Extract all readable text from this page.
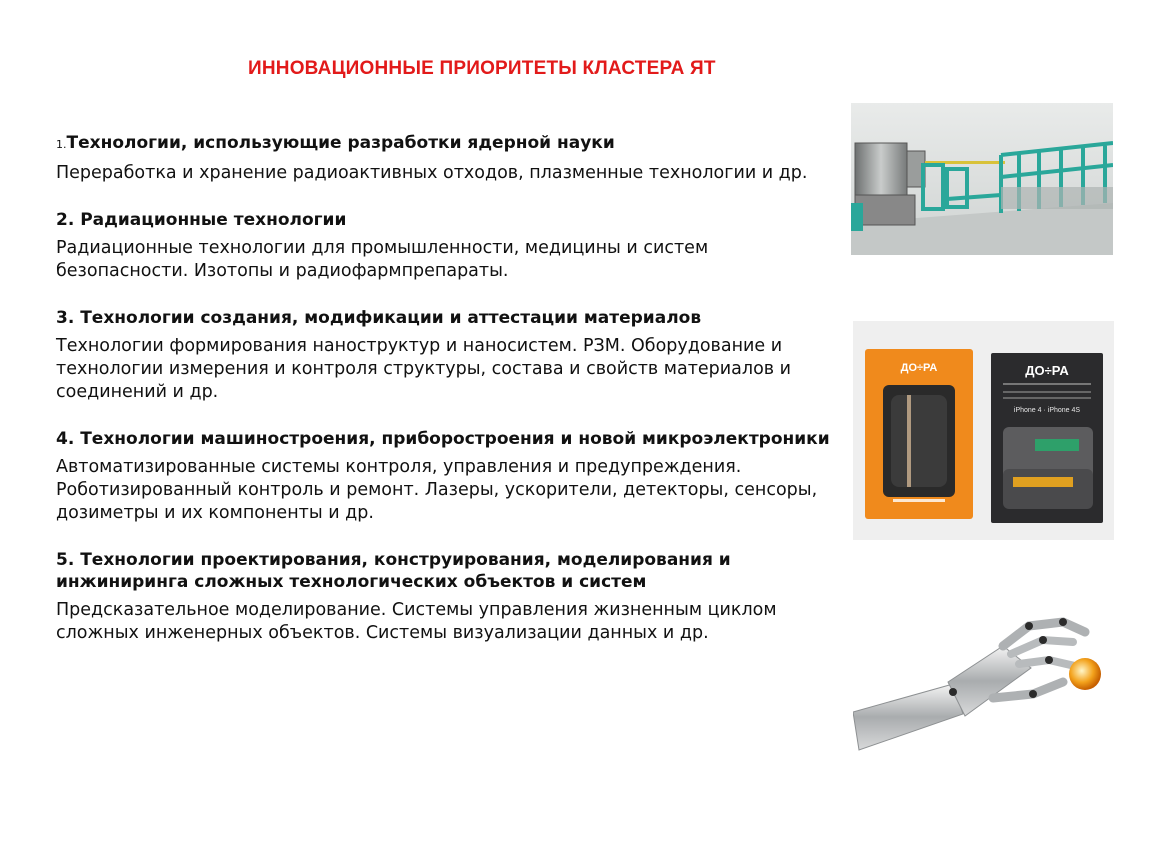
ИННОВАЦИОННЫЕ ПРИОРИТЕТЫ КЛАСТЕРА ЯТ
1.Технологии, использующие разработки ядерной науки
Переработка и хранение радиоактивных отходов, плазменные технологии и др.
2. Радиационные технологии
Радиационные технологии для промышленности, медицины и систем безопасности. Изотопы и радиофармпрепараты.
3. Технологии создания, модификации и аттестации материалов
Технологии формирования наноструктур и наносистем. РЗМ. Оборудование и технологии измерения и контроля структуры, состава и свойств материалов и соединений и др.
4. Технологии машиностроения, приборостроения и новой микроэлектроники
Автоматизированные системы контроля, управления и предупреждения. Роботизированный контроль и ремонт. Лазеры, ускорители, детекторы, сенсоры, дозиметры и их компоненты и др.
5. Технологии проектирования, конструирования, моделирования и инжиниринга сложных технологических объектов и систем
Предсказательное моделирование. Системы управления жизненным циклом сложных инженерных объектов. Системы визуализации данных и др.
ДО÷РА	ДО÷РА
iPhone 4 · iPhone 4S
